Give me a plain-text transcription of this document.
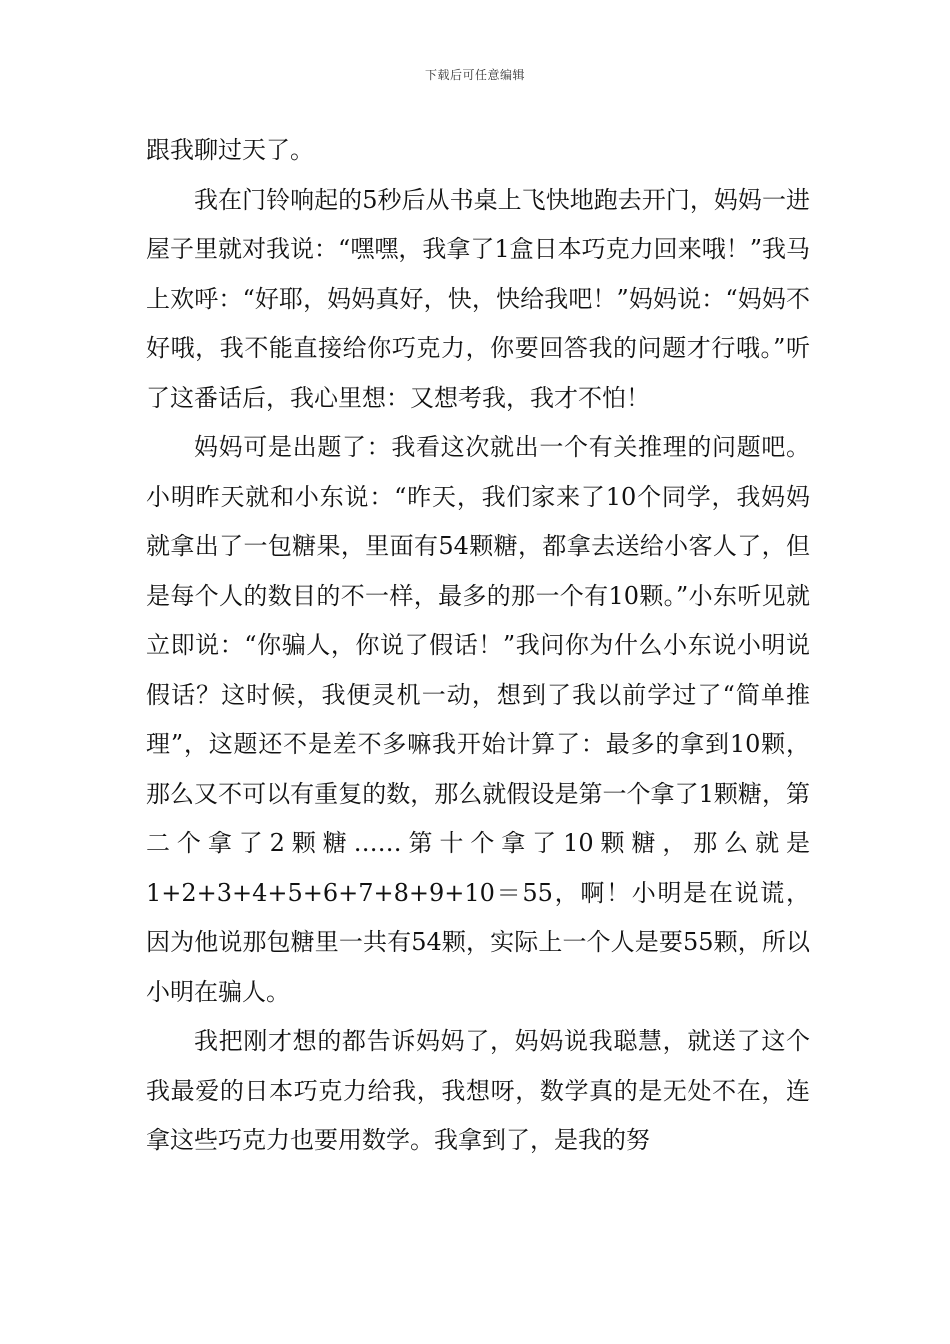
下载后可任意编辑

跟我聊过天了。

我在门铃响起的5秒后从书桌上飞快地跑去开门，妈妈一进屋子里就对我说：“嘿嘿，我拿了1盒日本巧克力回来哦！”我马上欢呼：“好耶，妈妈真好，快，快给我吧！”妈妈说：“妈妈不好哦，我不能直接给你巧克力，你要回答我的问题才行哦。”听了这番话后，我心里想：又想考我，我才不怕！

妈妈可是出题了：我看这次就出一个有关推理的问题吧。小明昨天就和小东说：“昨天，我们家来了10个同学，我妈妈就拿出了一包糖果，里面有54颗糖，都拿去送给小客人了，但是每个人的数目的不一样，最多的那一个有10颗。”小东听见就立即说：“你骗人，你说了假话！”我问你为什么小东说小明说假话？这时候，我便灵机一动，想到了我以前学过了“简单推理”，这题还不是差不多嘛我开始计算了：最多的拿到10颗，那么又不可以有重复的数，那么就假设是第一个拿了1颗糖，第二个拿了2颗糖……第十个拿了10颗糖，那么就是1+2+3+4+5+6+7+8+9+10＝55，啊！小明是在说谎，因为他说那包糖里一共有54颗，实际上一个人是要55颗，所以小明在骗人。

我把刚才想的都告诉妈妈了，妈妈说我聪慧，就送了这个我最爱的日本巧克力给我，我想呀，数学真的是无处不在，连拿这些巧克力也要用数学。我拿到了，是我的努
